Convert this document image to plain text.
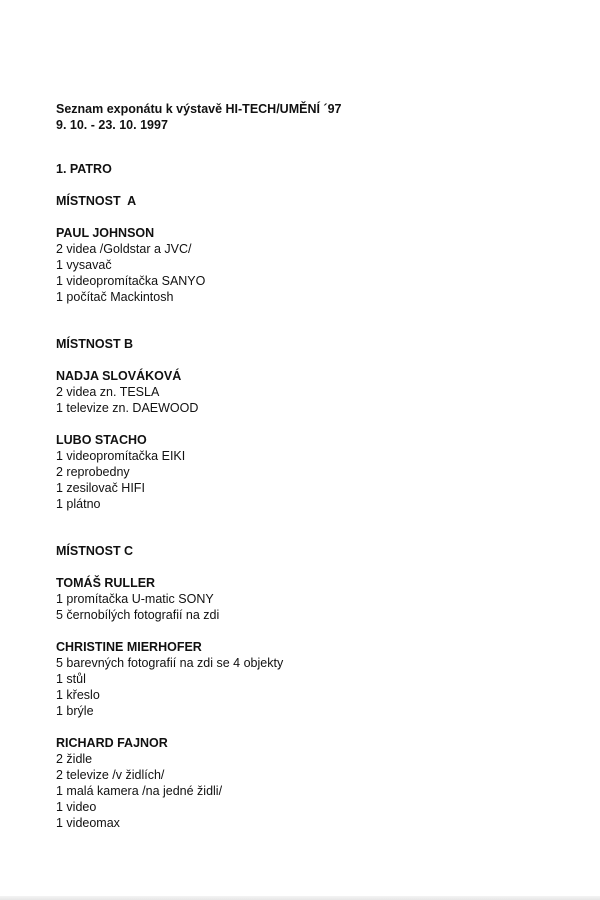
Seznam exponátu k výstavě HI-TECH/UMĚNÍ ´97
9. 10. - 23. 10. 1997
1. PATRO
MÍSTNOST  A
PAUL JOHNSON
2 videa /Goldstar a JVC/
1 vysavač
1 videopromítačka SANYO
1 počítač Mackintosh
MÍSTNOST B
NADJA SLOVÁKOVÁ
2 videa zn. TESLA
1 televize zn. DAEWOOD
LUBO STACHO
1 videopromítačka EIKI
2 reprobedny
1 zesilovač HIFI
1 plátno
MÍSTNOST C
TOMÁŠ RULLER
1 promítačka U-matic SONY
5 černobílých fotografií na zdi
CHRISTINE MIERHOFER
5 barevných fotografií na zdi se 4 objekty
1 stůl
1 křeslo
1 brýle
RICHARD FAJNOR
2 židle
2 televize /v židlích/
1 malá kamera /na jedné židli/
1 video
1 videomax
